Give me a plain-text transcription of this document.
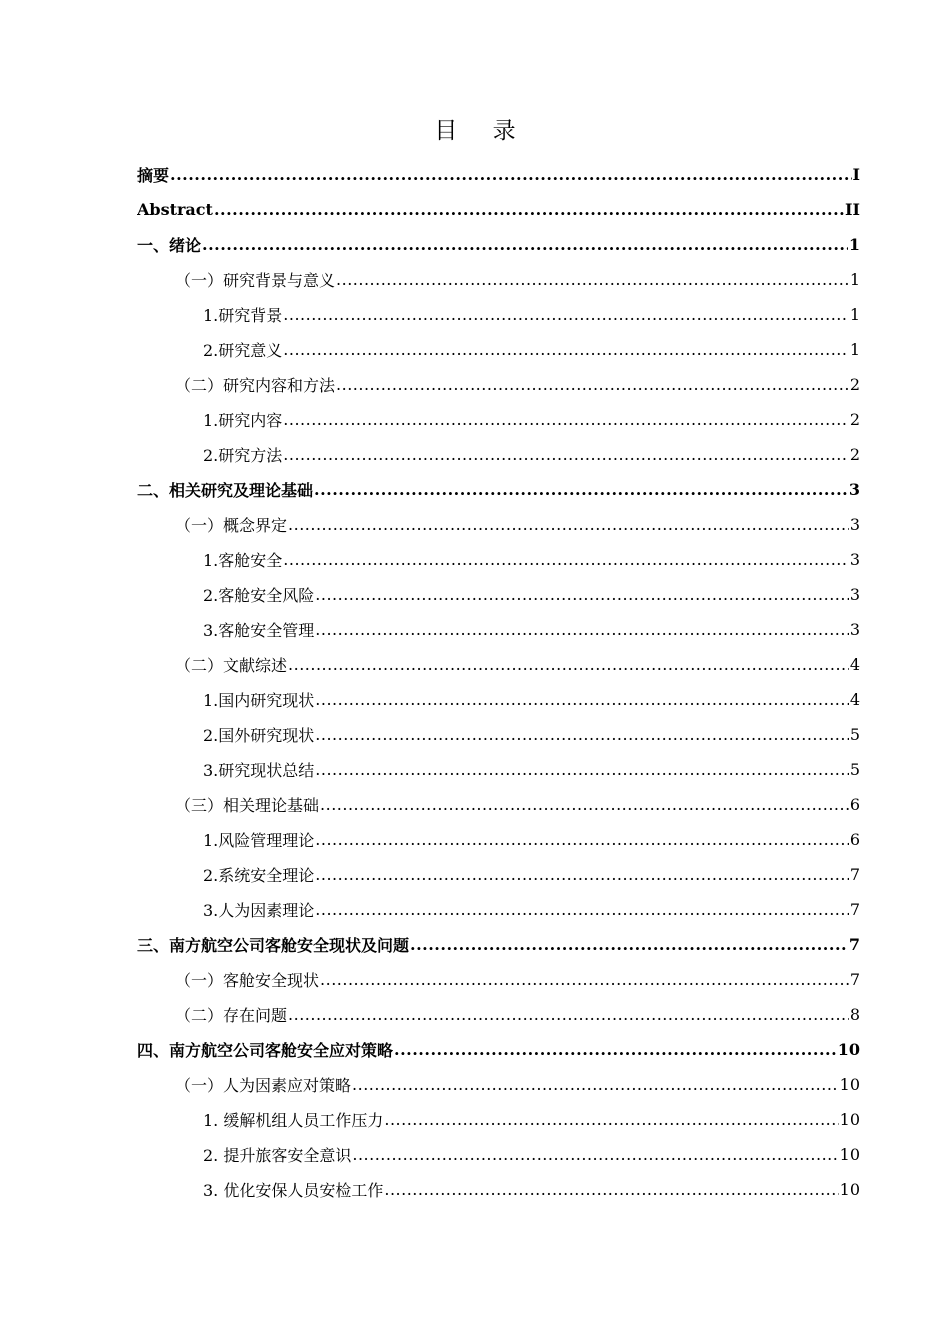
目 录
摘要 .....	I
Abstract .....	II
一、绪论 .....	1
（一）研究背景与意义 .....	1
1.研究背景 .....	1
2.研究意义 .....	1
（二）研究内容和方法 .....	2
1.研究内容 .....	2
2.研究方法 .....	2
二、相关研究及理论基础 .....	3
（一）概念界定 .....	3
1.客舱安全 .....	3
2.客舱安全风险 .....	3
3.客舱安全管理 .....	3
（二）文献综述 .....	4
1.国内研究现状 .....	4
2.国外研究现状 .....	5
3.研究现状总结 .....	5
（三）相关理论基础 .....	6
1.风险管理理论 .....	6
2.系统安全理论 .....	7
3.人为因素理论 .....	7
三、南方航空公司客舱安全现状及问题 .....	7
（一）客舱安全现状 .....	7
（二）存在问题 .....	8
四、南方航空公司客舱安全应对策略 .....	10
（一）人为因素应对策略 .....	10
1. 缓解机组人员工作压力 .....	10
2. 提升旅客安全意识 .....	10
3. 优化安保人员安检工作 .....	10
